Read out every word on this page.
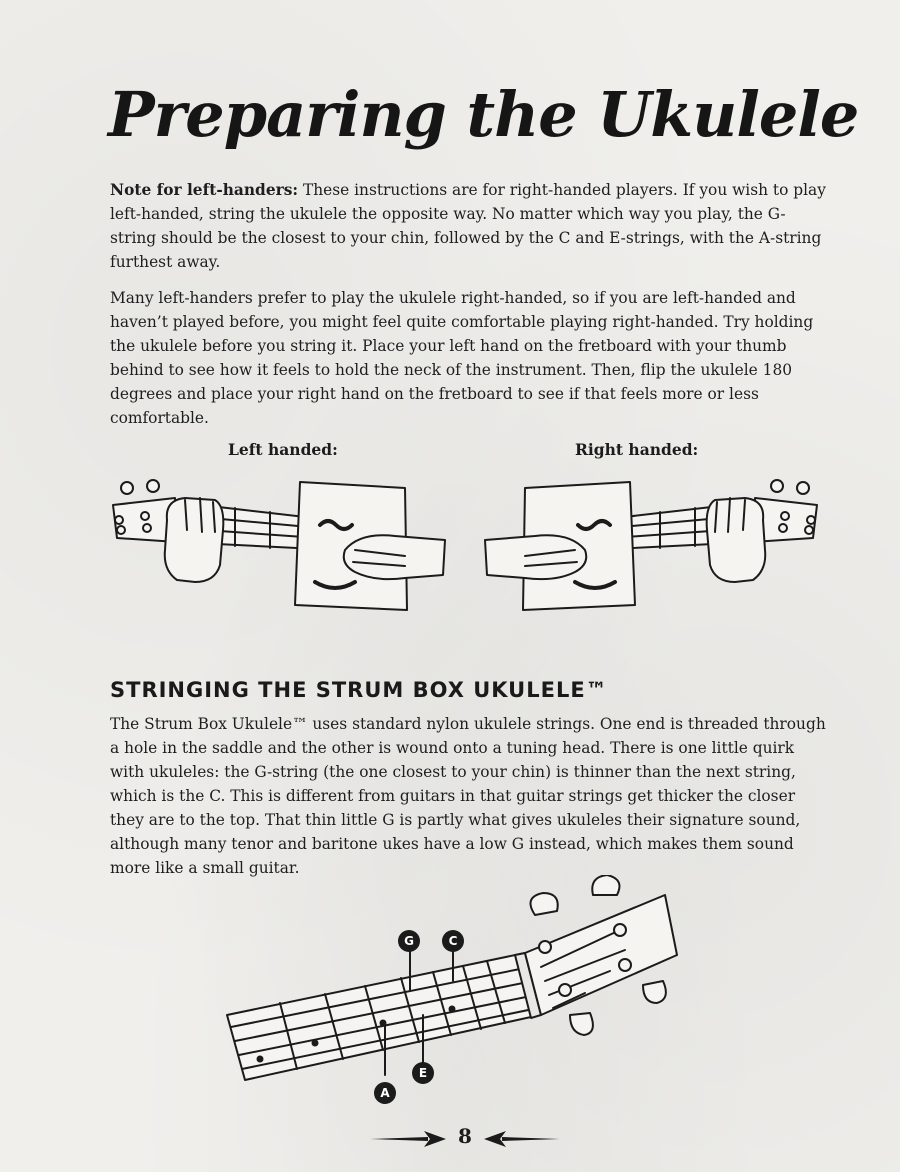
Preparing the Ukulele

Note for left-handers: These instructions are for right-handed players. If you wish to play left-handed, string the ukulele the opposite way. No matter which way you play, the G-string should be the closest to your chin, followed by the C and E-strings, with the A-string furthest away.

Many left-handers prefer to play the ukulele right-handed, so if you are left-handed and haven’t played before, you might feel quite comfortable playing right-handed. Try holding the ukulele before you string it. Place your left hand on the fretboard with your thumb behind to see how it feels to hold the neck of the instrument. Then, flip the ukulele 180 degrees and place your right hand on the fretboard to see if that feels more or less comfortable.

Left handed:	Right handed:
STRINGING THE STRUM BOX UKULELE™

The Strum Box Ukulele™ uses standard nylon ukulele strings. One end is threaded through a hole in the saddle and the other is wound onto a tuning head. There is one little quirk with ukuleles: the G-string (the one closest to your chin) is thinner than the next string, which is the C. This is different from guitars in that guitar strings get thicker the closer they are to the top. That thin little G is partly what gives ukuleles their signature sound, although many tenor and baritone ukes have a low G instead, which makes them sound more like a small guitar.

G	C
A
E
8
